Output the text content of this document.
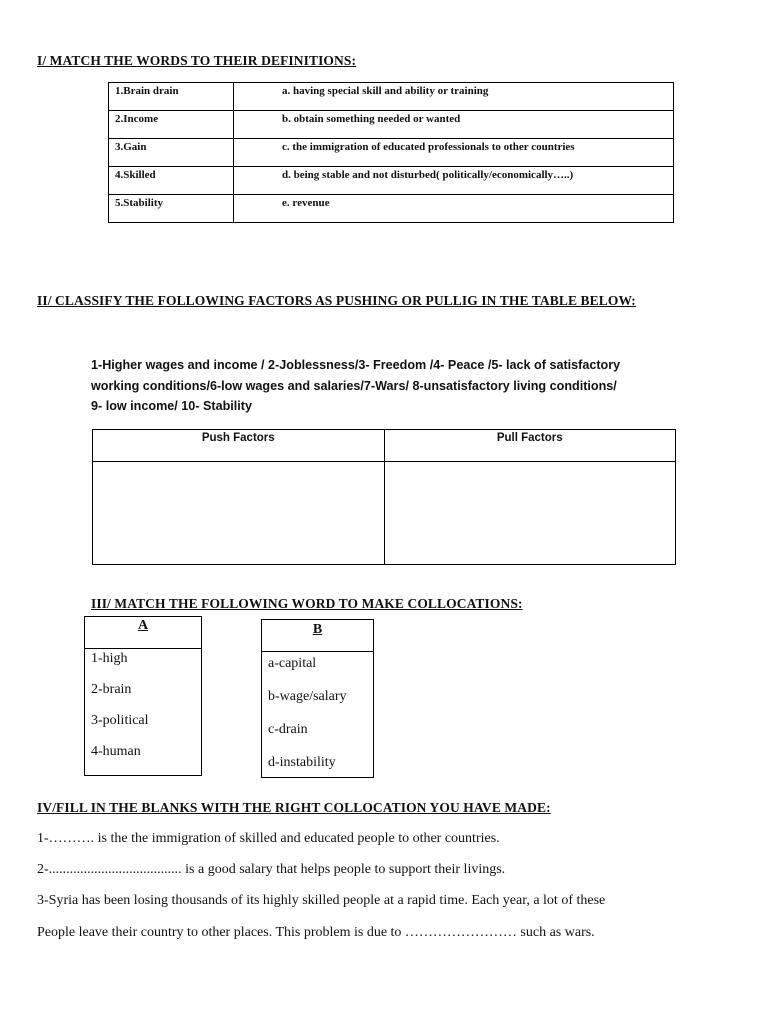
I/ MATCH THE WORDS TO THEIR DEFINITIONS:
1.Brain drain	a. having special skill and ability or training
2.Income	b. obtain something needed or wanted
3.Gain	c. the immigration of educated professionals to other countries
4.Skilled	d. being stable and not disturbed( politically/economically…..)
5.Stability	e. revenue
II/ CLASSIFY THE FOLLOWING FACTORS AS PUSHING OR PULLIG IN THE TABLE BELOW:
1-Higher wages and income / 2-Joblessness/3- Freedom /4- Peace /5- lack of satisfactory
working conditions/6-low wages and salaries/7-Wars/ 8-unsatisfactory living conditions/
9- low income/ 10- Stability
Push Factors	Pull Factors

III/ MATCH THE FOLLOWING WORD TO MAKE COLLOCATIONS:
A
1-high
2-brain
3-political
4-human
B
a-capital
b-wage/salary
c-drain
d-instability
IV/FILL IN THE BLANKS WITH THE RIGHT COLLOCATION YOU HAVE MADE:
1-………. is the the immigration of skilled and educated people to other countries.
2-...................................... is a good salary that helps people to support their livings.
3-Syria has been losing thousands of its highly skilled people at a rapid time. Each year, a lot of these
People leave their country to other places. This problem is due to …………………… such as wars.
